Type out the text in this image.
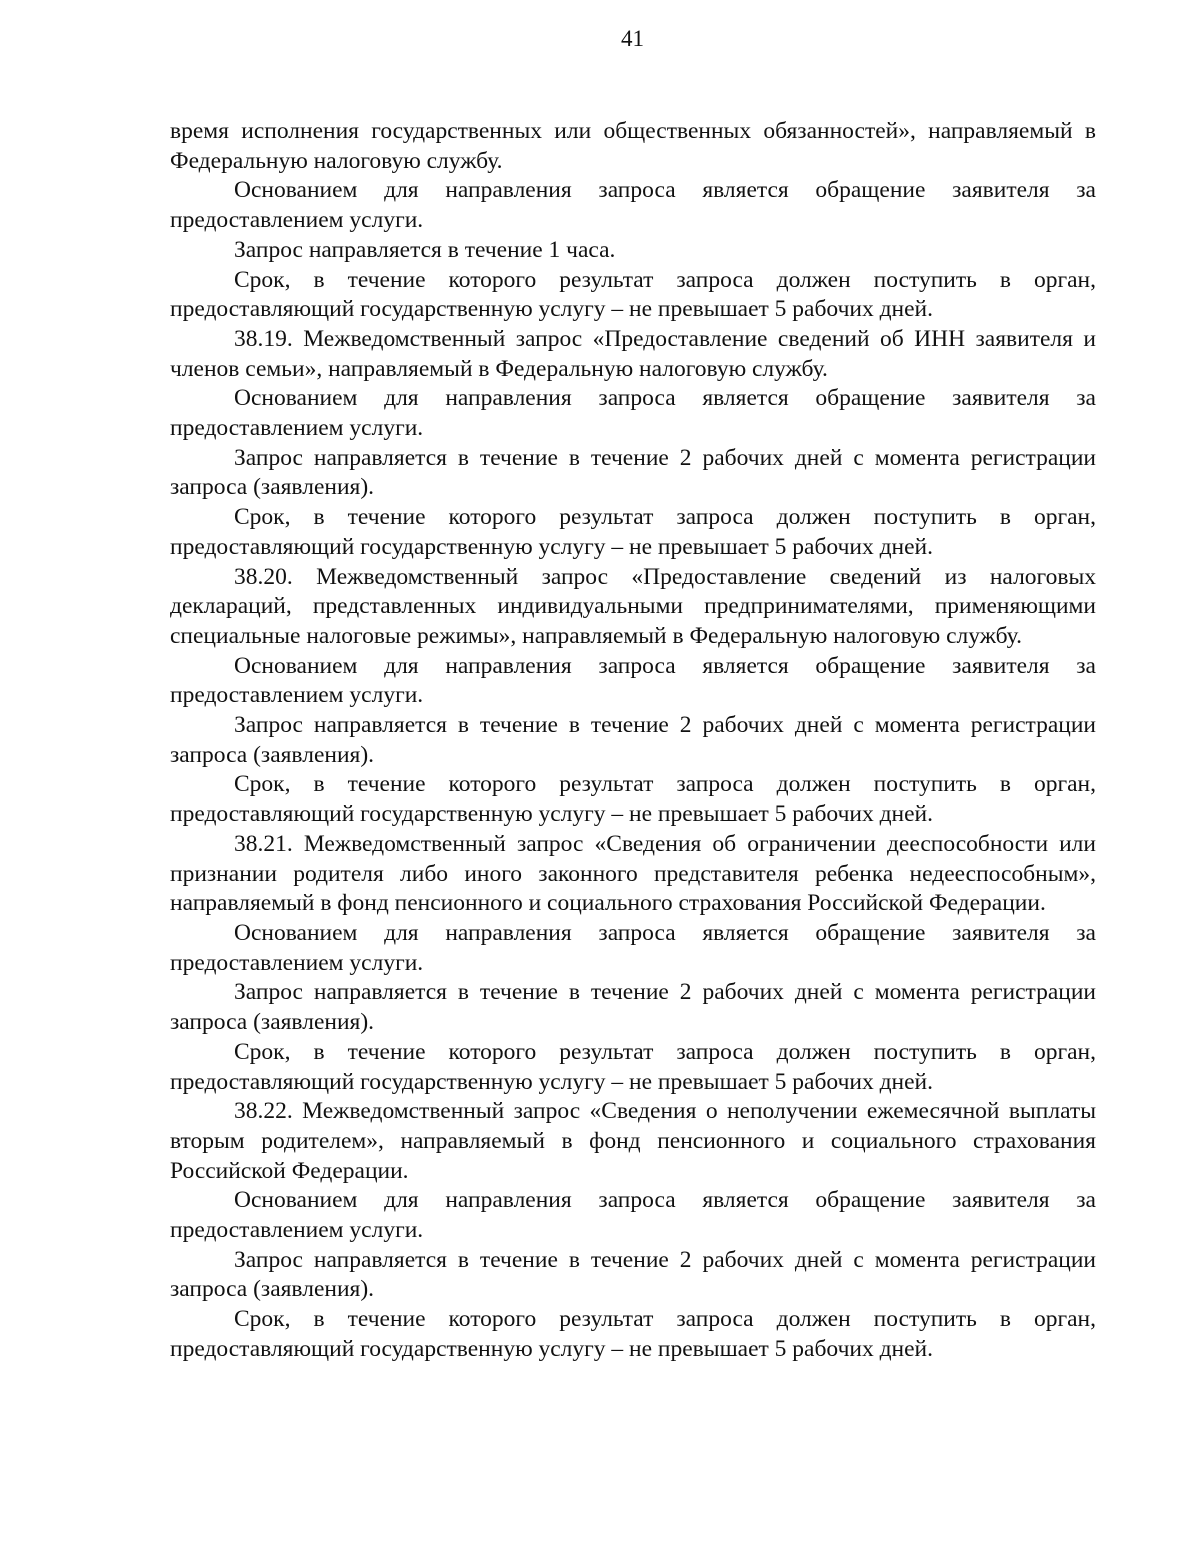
41

время исполнения государственных или общественных обязанностей», направляемый в Федеральную налоговую службу.

Основанием для направления запроса является обращение заявителя за предоставлением услуги.

Запрос направляется в течение 1 часа.

Срок, в течение которого результат запроса должен поступить в орган, предоставляющий государственную услугу – не превышает 5 рабочих дней.

38.19. Межведомственный запрос «Предоставление сведений об ИНН заявителя и членов семьи», направляемый в Федеральную налоговую службу.

Основанием для направления запроса является обращение заявителя за предоставлением услуги.

Запрос направляется в течение в течение 2 рабочих дней с момента регистрации запроса (заявления).

Срок, в течение которого результат запроса должен поступить в орган, предоставляющий государственную услугу – не превышает 5 рабочих дней.

38.20. Межведомственный запрос «Предоставление сведений из налоговых деклараций, представленных индивидуальными предпринимателями, применяющими специальные налоговые режимы», направляемый в Федеральную налоговую службу.

Основанием для направления запроса является обращение заявителя за предоставлением услуги.

Запрос направляется в течение в течение 2 рабочих дней с момента регистрации запроса (заявления).

Срок, в течение которого результат запроса должен поступить в орган, предоставляющий государственную услугу – не превышает 5 рабочих дней.

38.21. Межведомственный запрос «Сведения об ограничении дееспособности или признании родителя либо иного законного представителя ребенка недееспособным», направляемый в фонд пенсионного и социального страхования Российской Федерации.

Основанием для направления запроса является обращение заявителя за предоставлением услуги.

Запрос направляется в течение в течение 2 рабочих дней с момента регистрации запроса (заявления).

Срок, в течение которого результат запроса должен поступить в орган, предоставляющий государственную услугу – не превышает 5 рабочих дней.

38.22. Межведомственный запрос «Сведения о неполучении ежемесячной выплаты вторым родителем», направляемый в фонд пенсионного и социального страхования Российской Федерации.

Основанием для направления запроса является обращение заявителя за предоставлением услуги.

Запрос направляется в течение в течение 2 рабочих дней с момента регистрации запроса (заявления).

Срок, в течение которого результат запроса должен поступить в орган, предоставляющий государственную услугу – не превышает 5 рабочих дней.
